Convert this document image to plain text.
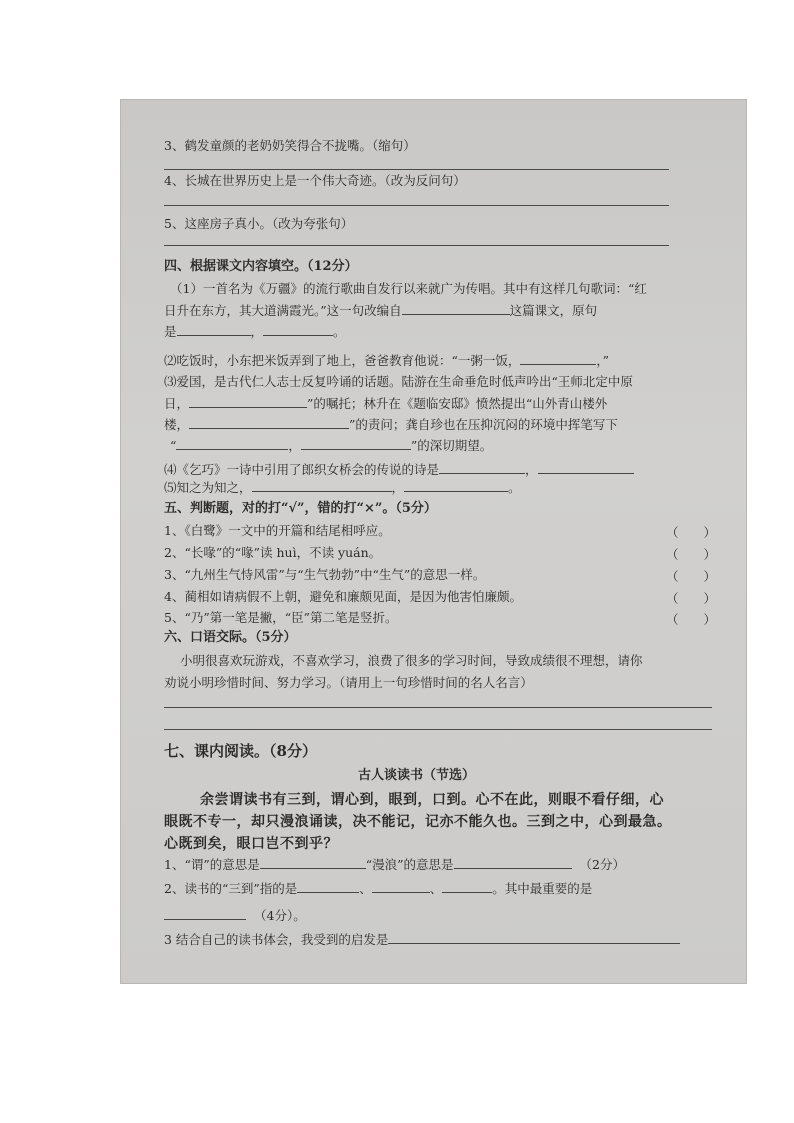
3、鹤发童颜的老奶奶笑得合不拢嘴。（缩句）
4、长城在世界历史上是一个伟大奇迹。（改为反问句）
5、这座房子真小。（改为夸张句）
四、根据课文内容填空。（12分）
（1）一首名为《万疆》的流行歌曲自发行以来就广为传唱。其中有这样几句歌词：“红
日升在东方，其大道满霞光。”这一句改编自	这篇课文，原句
是	，	。
⑵吃饭时，小东把米饭弄到了地上，爸爸教育他说：“一粥一饭，	，”
⑶爱国，是古代仁人志士反复吟诵的话题。陆游在生命垂危时低声吟出“王师北定中原
日，	”的嘱托；林升在《题临安邸》愤然提出“山外青山楼外
楼，	”的责问；龚自珍也在压抑沉闷的环境中挥笔写下
“	，	”的深切期望。
⑷《乞巧》一诗中引用了郎织女桥会的传说的诗是	，
⑸知之为知之，	，	。
五、判断题，对的打“√”，错的打“×”。（5分）
1、《白鹭》一文中的开篇和结尾相呼应。	（　　）
2、“长喙”的“喙”读 huì，不读 yuán。	（　　）
3、“九州生气恃风雷”与“生气勃勃”中“生气”的意思一样。	（　　）
4、蔺相如请病假不上朝，避免和廉颇见面，是因为他害怕廉颇。	（　　）
5、“乃”第一笔是撇，“臣”第二笔是竖折。	（　　）
六、口语交际。（5分）
小明很喜欢玩游戏，不喜欢学习，浪费了很多的学习时间，导致成绩很不理想，请你
劝说小明珍惜时间、努力学习。（请用上一句珍惜时间的名人名言）
七、课内阅读。（8分）
古人谈读书（节选）
余尝谓读书有三到，谓心到，眼到，口到。心不在此，则眼不看仔细，心
眼既不专一，却只漫浪诵读，决不能记，记亦不能久也。三到之中，心到最急。
心既到矣，眼口岂不到乎？
1、“谓”的意思是	“漫浪”的意思是	（2分）
2、读书的“三到”指的是	、	、	。其中最重要的是
（4分）。
3 结合自己的读书体会，我受到的启发是
